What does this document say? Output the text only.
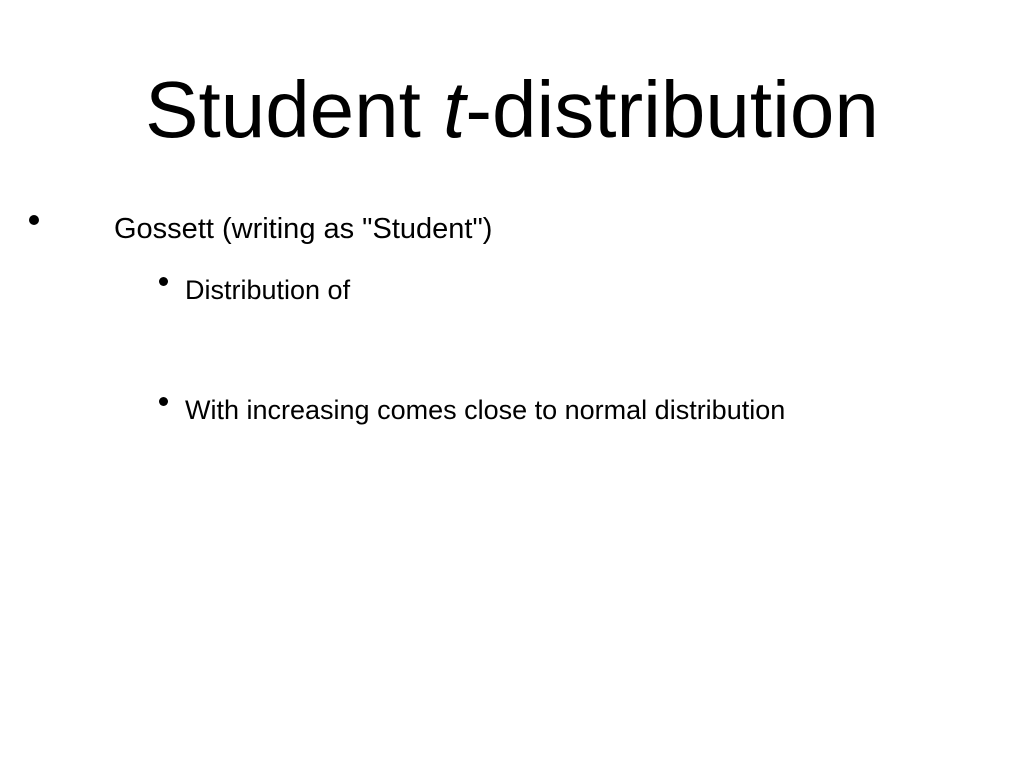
Student t-distribution
Gossett (writing as "Student")
Distribution of
With increasing comes close to normal distribution
